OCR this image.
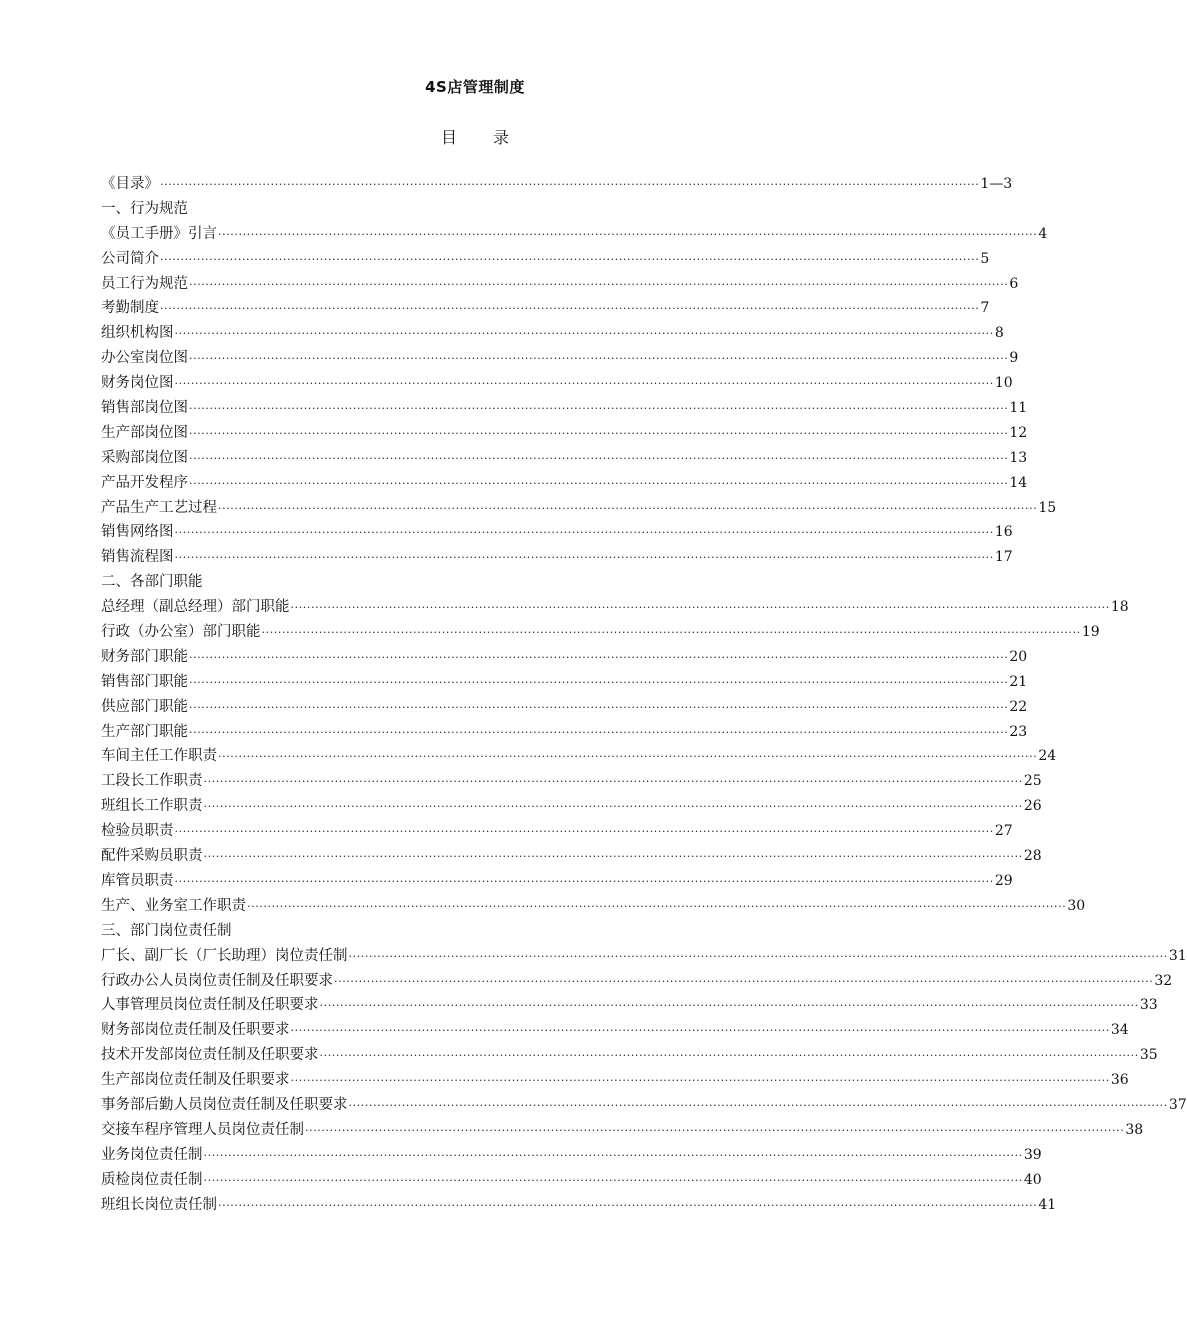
4S店管理制度
目 录
《目录》 ········································································································································································································ 1—3
一、行为规范
《员工手册》引言 ········································································································································································································ 4
公司简介 ········································································································································································································ 5
员工行为规范 ········································································································································································································ 6
考勤制度 ········································································································································································································ 7
组织机构图 ········································································································································································································ 8
办公室岗位图 ········································································································································································································ 9
财务岗位图 ········································································································································································································ 10
销售部岗位图 ········································································································································································································ 11
生产部岗位图 ········································································································································································································ 12
采购部岗位图 ········································································································································································································ 13
产品开发程序 ········································································································································································································ 14
产品生产工艺过程 ········································································································································································································ 15
销售网络图 ········································································································································································································ 16
销售流程图 ········································································································································································································ 17
二、各部门职能
总经理（副总经理）部门职能 ········································································································································································································ 18
行政（办公室）部门职能 ········································································································································································································ 19
财务部门职能 ········································································································································································································ 20
销售部门职能 ········································································································································································································ 21
供应部门职能 ········································································································································································································ 22
生产部门职能 ········································································································································································································ 23
车间主任工作职责 ········································································································································································································ 24
工段长工作职责 ········································································································································································································ 25
班组长工作职责 ········································································································································································································ 26
检验员职责 ········································································································································································································ 27
配件采购员职责 ········································································································································································································ 28
库管员职责 ········································································································································································································ 29
生产、业务室工作职责 ········································································································································································································ 30
三、部门岗位责任制
厂长、副厂长（厂长助理）岗位责任制 ········································································································································································································ 31
行政办公人员岗位责任制及任职要求 ········································································································································································································ 32
人事管理员岗位责任制及任职要求 ········································································································································································································ 33
财务部岗位责任制及任职要求 ········································································································································································································ 34
技术开发部岗位责任制及任职要求 ········································································································································································································ 35
生产部岗位责任制及任职要求 ········································································································································································································ 36
事务部后勤人员岗位责任制及任职要求 ········································································································································································································ 37
交接车程序管理人员岗位责任制 ········································································································································································································ 38
业务岗位责任制 ········································································································································································································ 39
质检岗位责任制 ········································································································································································································ 40
班组长岗位责任制 ········································································································································································································ 41
